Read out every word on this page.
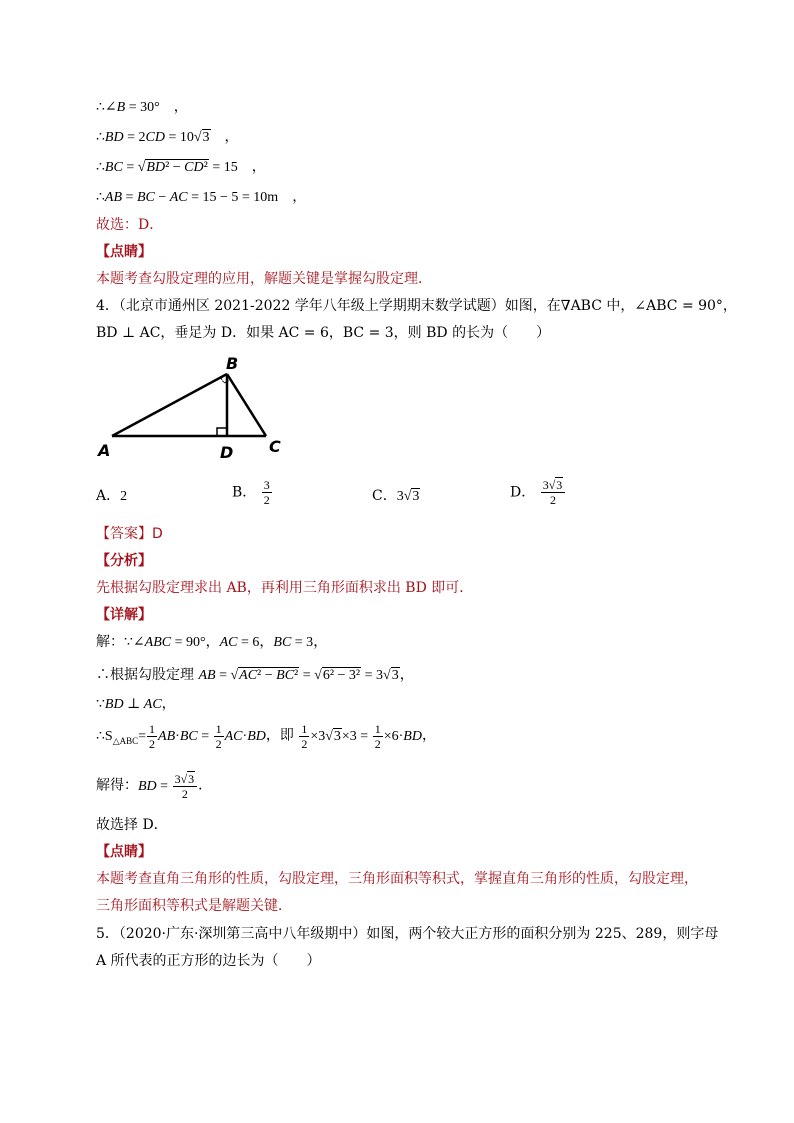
∴∠B = 30°　，
∴BD = 2CD = 10√3　，
∴BC = √BD² − CD² = 15　，
∴AB = BC − AC = 15 − 5 = 10m　，
故选：D．
【点睛】
本题考查勾股定理的应用，解题关键是掌握勾股定理．
4．（北京市通州区 2021-2022 学年八年级上学期期末数学试题）如图，在∇ABC 中，∠ABC = 90°，
BD ⊥ AC，垂足为 D．如果 AC = 6，BC = 3，则 BD 的长为（　　）
A
B
C
D
A．2	B． $\frac{3}{2}$	C．3√3	D． $\frac{3√3}{2}$
【答案】D
【分析】
先根据勾股定理求出 AB，再利用三角形面积求出 BD 即可．
【详解】
解：∵∠ABC = 90°，AC = 6，BC = 3，
∴根据勾股定理 AB = √AC² − BC² = √6² − 3² = 3√3，
∵BD ⊥ AC，
$\therefore S_{\triangle ABC}= \frac{1}{2} AB\cdot BC = \frac{1}{2} AC\cdot BD$，即 $\frac{1}{2} \times 3√3\times 3 = \frac{1}{2} \times 6\cdot BD$，
解得：BD = $\frac{3√3}{2}$ ．
故选择 D．
【点睛】
本题考查直角三角形的性质，勾股定理，三角形面积等积式，掌握直角三角形的性质，勾股定理，
三角形面积等积式是解题关键．
5．（2020·广东·深圳第三高中八年级期中）如图，两个较大正方形的面积分别为 225、289，则字母
A 所代表的正方形的边长为（　　）
